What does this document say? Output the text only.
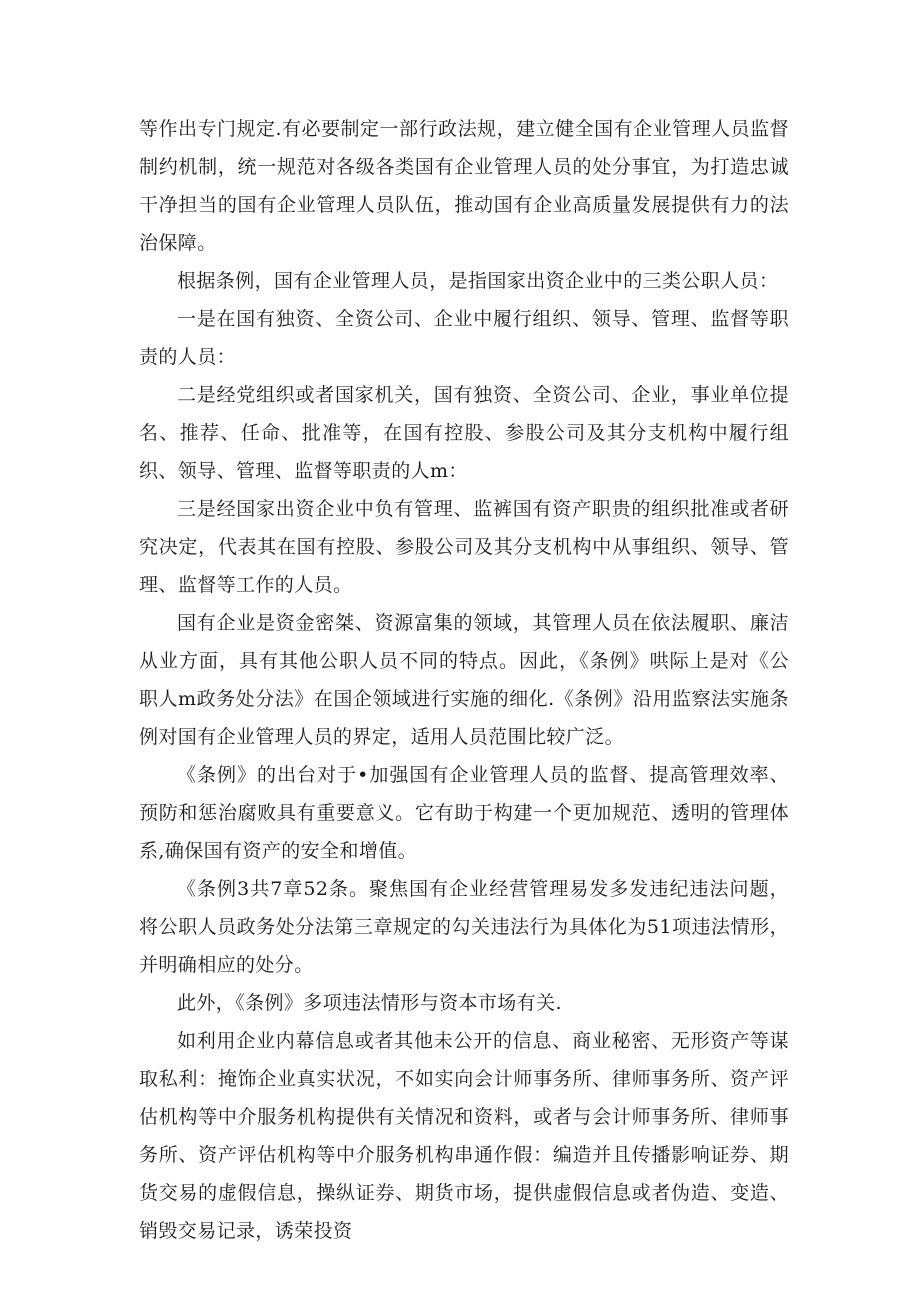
等作出专门规定.有必要制定一部行政法规，建立健全国有企业管理人员监督制约机制，统一规范对各级各类国有企业管理人员的处分事宜，为打造忠诚干净担当的国有企业管理人员队伍，推动国有企业高质量发展提供有力的法治保障。

根据条例，国有企业管理人员，是指国家出资企业中的三类公职人员：

一是在国有独资、全资公司、企业中履行组织、领导、管理、监督等职责的人员：

二是经党组织或者国家机关，国有独资、全资公司、企业，事业单位提名、推荐、任命、批准等，在国有控股、参股公司及其分支机构中履行组织、领导、管理、监督等职责的人m：

三是经国家出资企业中负有管理、监裤国有资产职贵的组织批准或者研究决定，代表其在国有控股、参股公司及其分支机构中从事组织、领导、管理、监督等工作的人员。

国有企业是资金密桀、资源富集的领域，其管理人员在依法履职、廉洁从业方面，具有其他公职人员不同的特点。因此，《条例》哄际上是对《公职人m政务处分法》在国企领域进行实施的细化.《条例》沿用监察法实施条例对国有企业管理人员的界定，适用人员范围比较广泛。

《条例》的出台对于•加强国有企业管理人员的监督、提高管理效率、预防和惩治腐败具有重要意义。它有助于构建一个更加规范、透明的管理体系,确保国有资产的安全和增值。

《条例3共7章52条。聚焦国有企业经营管理易发多发违纪违法问题，将公职人员政务处分法第三章规定的勾关违法行为具体化为51项违法情形，并明确相应的处分。

此外，《条例》多项违法情形与资本市场有关.

如利用企业内幕信息或者其他未公开的信息、商业秘密、无形资产等谋取私利：掩饰企业真实状况，不如实向会计师事务所、律师事务所、资产评估机构等中介服务机构提供有关情况和资料，或者与会计师事务所、律师事务所、资产评估机构等中介服务机构串通作假：编造并且传播影响证券、期货交易的虚假信息，操纵证券、期货市场，提供虚假信息或者伪造、变造、销毁交易记录，诱荣投资
